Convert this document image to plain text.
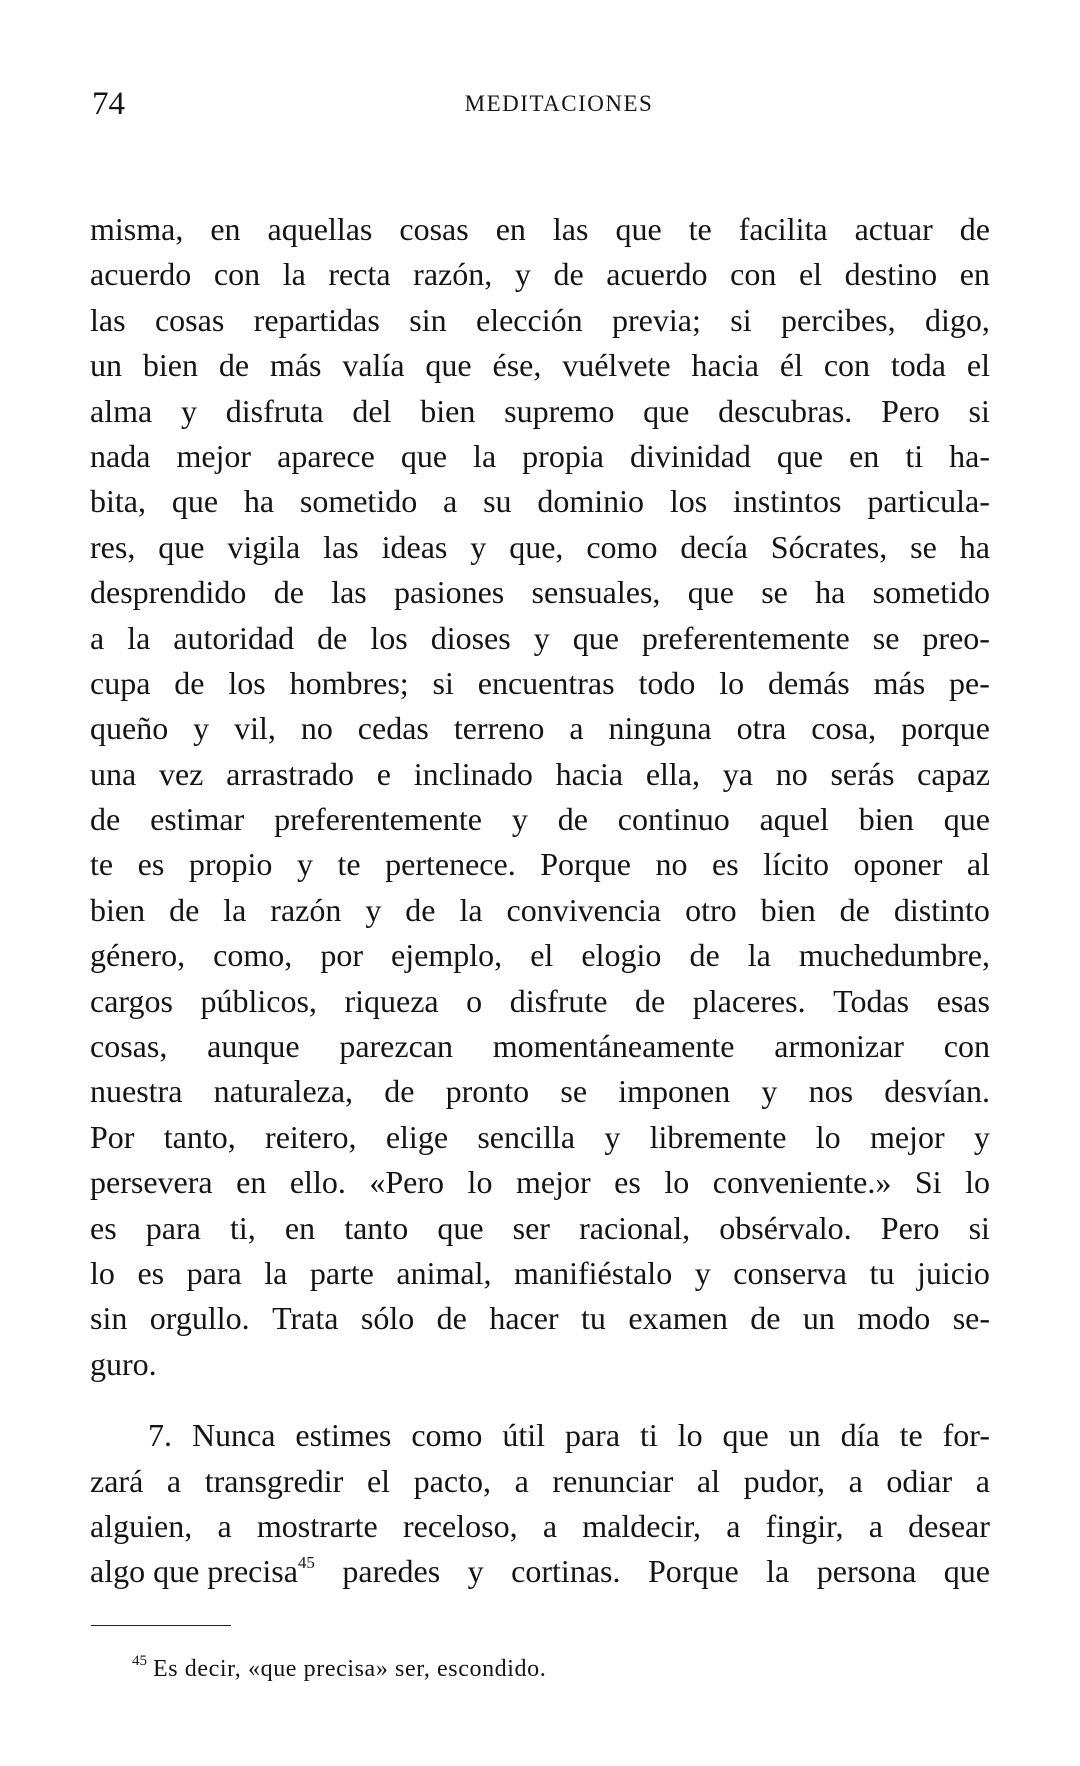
74	MEDITACIONES
misma, en aquellas cosas en las que te facilita actuar de
acuerdo con la recta razón, y de acuerdo con el destino en
las cosas repartidas sin elección previa; si percibes, digo,
un bien de más valía que ése, vuélvete hacia él con toda el
alma y disfruta del bien supremo que descubras. Pero si
nada mejor aparece que la propia divinidad que en ti ha-
bita, que ha sometido a su dominio los instintos particula-
res, que vigila las ideas y que, como decía Sócrates, se ha
desprendido de las pasiones sensuales, que se ha sometido
a la autoridad de los dioses y que preferentemente se preo-
cupa de los hombres; si encuentras todo lo demás más pe-
queño y vil, no cedas terreno a ninguna otra cosa, porque
una vez arrastrado e inclinado hacia ella, ya no serás capaz
de estimar preferentemente y de continuo aquel bien que
te es propio y te pertenece. Porque no es lícito oponer al
bien de la razón y de la convivencia otro bien de distinto
género, como, por ejemplo, el elogio de la muchedumbre,
cargos públicos, riqueza o disfrute de placeres. Todas esas
cosas, aunque parezcan momentáneamente armonizar con
nuestra naturaleza, de pronto se imponen y nos desvían.
Por tanto, reitero, elige sencilla y libremente lo mejor y
persevera en ello. «Pero lo mejor es lo conveniente.» Si lo
es para ti, en tanto que ser racional, obsérvalo. Pero si
lo es para la parte animal, manifiéstalo y conserva tu juicio
sin orgullo. Trata sólo de hacer tu examen de un modo se-
guro.
7. Nunca estimes como útil para ti lo que un día te for-
zará a transgredir el pacto, a renunciar al pudor, a odiar a
alguien, a mostrarte receloso, a maldecir, a fingir, a desear
algo que precisa$^{45}$ paredes y cortinas. Porque la persona que
$^{45}$ Es decir, «que precisa» ser, escondido.
